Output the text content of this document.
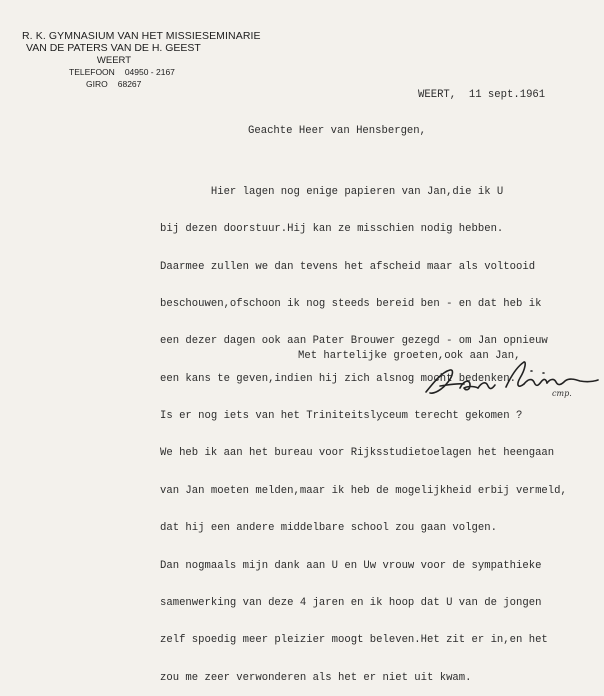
R. K. GYMNASIUM VAN HET MISSIESEMINARIE
VAN DE PATERS VAN DE H. GEEST
WEERT
TELEFOON 04950 - 2167
GIRO 68267
WEERT,  11 sept.1961
Geachte Heer van Hensbergen,

Hier lagen nog enige papieren van Jan,die ik U

bij dezen doorstuur.Hij kan ze misschien nodig hebben.

Daarmee zullen we dan tevens het afscheid maar als voltooid

beschouwen,ofschoon ik nog steeds bereid ben - en dat heb ik

een dezer dagen ook aan Pater Brouwer gezegd - om Jan opnieuw

een kans te geven,indien hij zich alsnog mocht bedenken.

Is er nog iets van het Triniteitslyceum terecht gekomen ?

We heb ik aan het bureau voor Rijksstudietoelagen het heengaan

van Jan moeten melden,maar ik heb de mogelijkheid erbij vermeld,

dat hij een andere middelbare school zou gaan volgen.

Dan nogmaals mijn dank aan U en Uw vrouw voor de sympathieke

samenwerking van deze 4 jaren en ik hoop dat U van de jongen

zelf spoedig meer pleizier moogt beleven.Het zit er in,en het

zou me zeer verwonderen als het er niet uit kwam.

Met hartelijke groeten,ook aan Jan,
cmp.
